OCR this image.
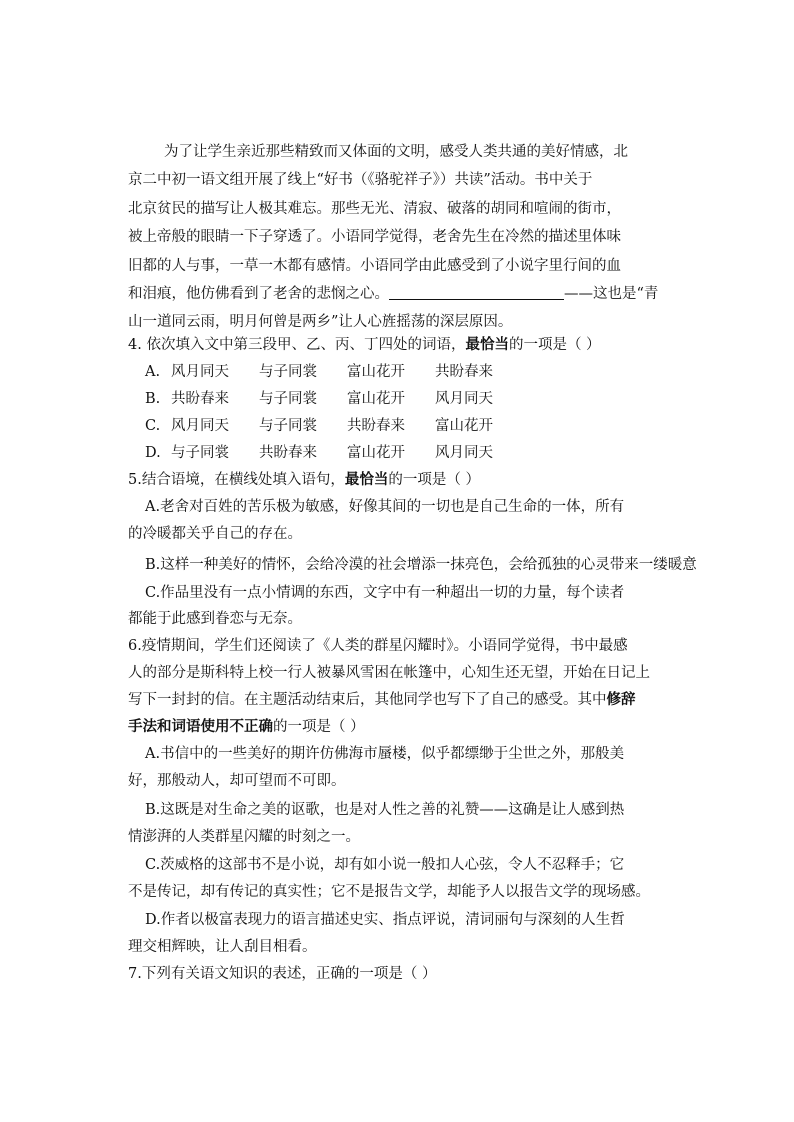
为了让学生亲近那些精致而又体面的文明，感受人类共通的美好情感，北
京二中初一语文组开展了线上“好书（《骆驼祥子》）共读”活动。书中关于
北京贫民的描写让人极其难忘。那些无光、清寂、破落的胡同和喧闹的街市，
被上帝般的眼睛一下子穿透了。小语同学觉得，老舍先生在冷然的描述里体味
旧都的人与事，一草一木都有感情。小语同学由此感受到了小说字里行间的血
和泪痕，他仿佛看到了老舍的悲悯之心。	——这也是“青
山一道同云雨，明月何曾是两乡”让人心旌摇荡的深层原因。
4. 依次填入文中第三段甲、乙、丙、丁四处的词语，最恰当的一项是（ ）
A. 风月同天 与子同裳 富山花开 共盼春来
B. 共盼春来 与子同裳 富山花开 风月同天
C. 风月同天 与子同裳 共盼春来 富山花开
D. 与子同裳 共盼春来 富山花开 风月同天
5.结合语境，在横线处填入语句，最恰当的一项是（ ）
A.老舍对百姓的苦乐极为敏感，好像其间的一切也是自己生命的一体，所有
的冷暖都关乎自己的存在。
B.这样一种美好的情怀，会给冷漠的社会增添一抹亮色，会给孤独的心灵带来一缕暖意
C.作品里没有一点小情调的东西，文字中有一种超出一切的力量，每个读者
都能于此感到眷恋与无奈。
6.疫情期间，学生们还阅读了《人类的群星闪耀时》。小语同学觉得，书中最感
人的部分是斯科特上校一行人被暴风雪困在帐篷中，心知生还无望，开始在日记上
写下一封封的信。在主题活动结束后，其他同学也写下了自己的感受。其中修辞
手法和词语使用不正确的一项是（ ）
A.书信中的一些美好的期许仿佛海市蜃楼，似乎都缥缈于尘世之外，那般美
好，那般动人，却可望而不可即。
B.这既是对生命之美的讴歌，也是对人性之善的礼赞——这确是让人感到热
情澎湃的人类群星闪耀的时刻之一。
C.茨威格的这部书不是小说，却有如小说一般扣人心弦，令人不忍释手；它
不是传记，却有传记的真实性；它不是报告文学，却能予人以报告文学的现场感。
D.作者以极富表现力的语言描述史实、指点评说，清词丽句与深刻的人生哲
理交相辉映，让人刮目相看。
7.下列有关语文知识的表述，正确的一项是（ ）
